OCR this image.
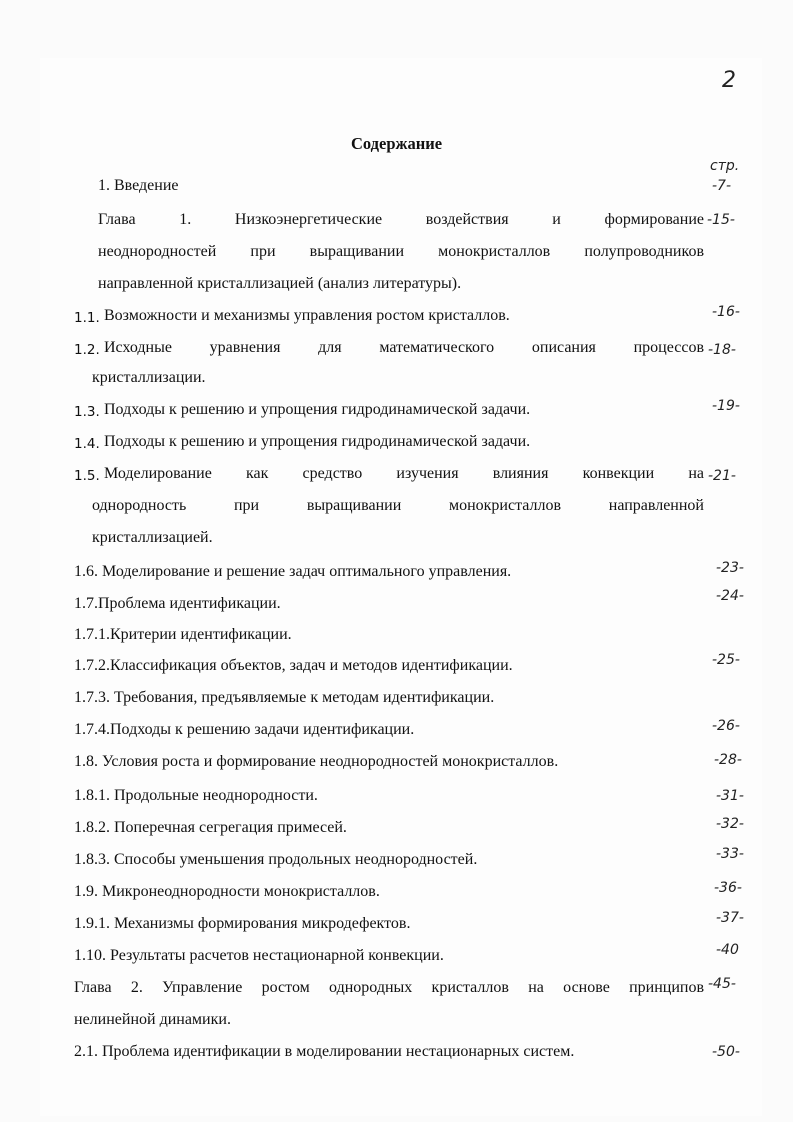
2
Содержание
стр.
1. Введение	-7-
Глава 1. Низкоэнергетические воздействия и формирование
неоднородностей при выращивании монокристаллов полупроводников
направленной кристаллизацией (анализ литературы).
-15-
1.1. Возможности и механизмы управления ростом кристаллов.	-16-
1.2. Исходные уравнения для математического описания процессов
кристаллизации.
-18-
1.3. Подходы к решению и упрощения гидродинамической задачи.	-19-
1.4. Подходы к решению и упрощения гидродинамической задачи.
1.5. Моделирование как средство изучения влияния конвекции на
однородность при выращивании монокристаллов направленной
кристаллизацией.
-21-
1.6. Моделирование и решение задач оптимального управления.	-23-
1.7.Проблема идентификации.	-24-
1.7.1.Критерии идентификации.
1.7.2.Классификация объектов, задач и методов идентификации.	-25-
1.7.3. Требования, предъявляемые к методам идентификации.
1.7.4.Подходы к решению задачи идентификации.	-26-
1.8. Условия роста и формирование неоднородностей монокристаллов.	-28-
1.8.1. Продольные неоднородности.	-31-
1.8.2. Поперечная сегрегация примесей.	-32-
1.8.3. Способы уменьшения продольных неоднородностей.	-33-
1.9. Микронеоднородности монокристаллов.	-36-
1.9.1. Механизмы формирования микродефектов.	-37-
1.10. Результаты расчетов нестационарной конвекции.	-40
Глава 2. Управление ростом однородных кристаллов на основе принципов
нелинейной динамики.
-45-
2.1. Проблема идентификации в моделировании нестационарных систем.	-50-
